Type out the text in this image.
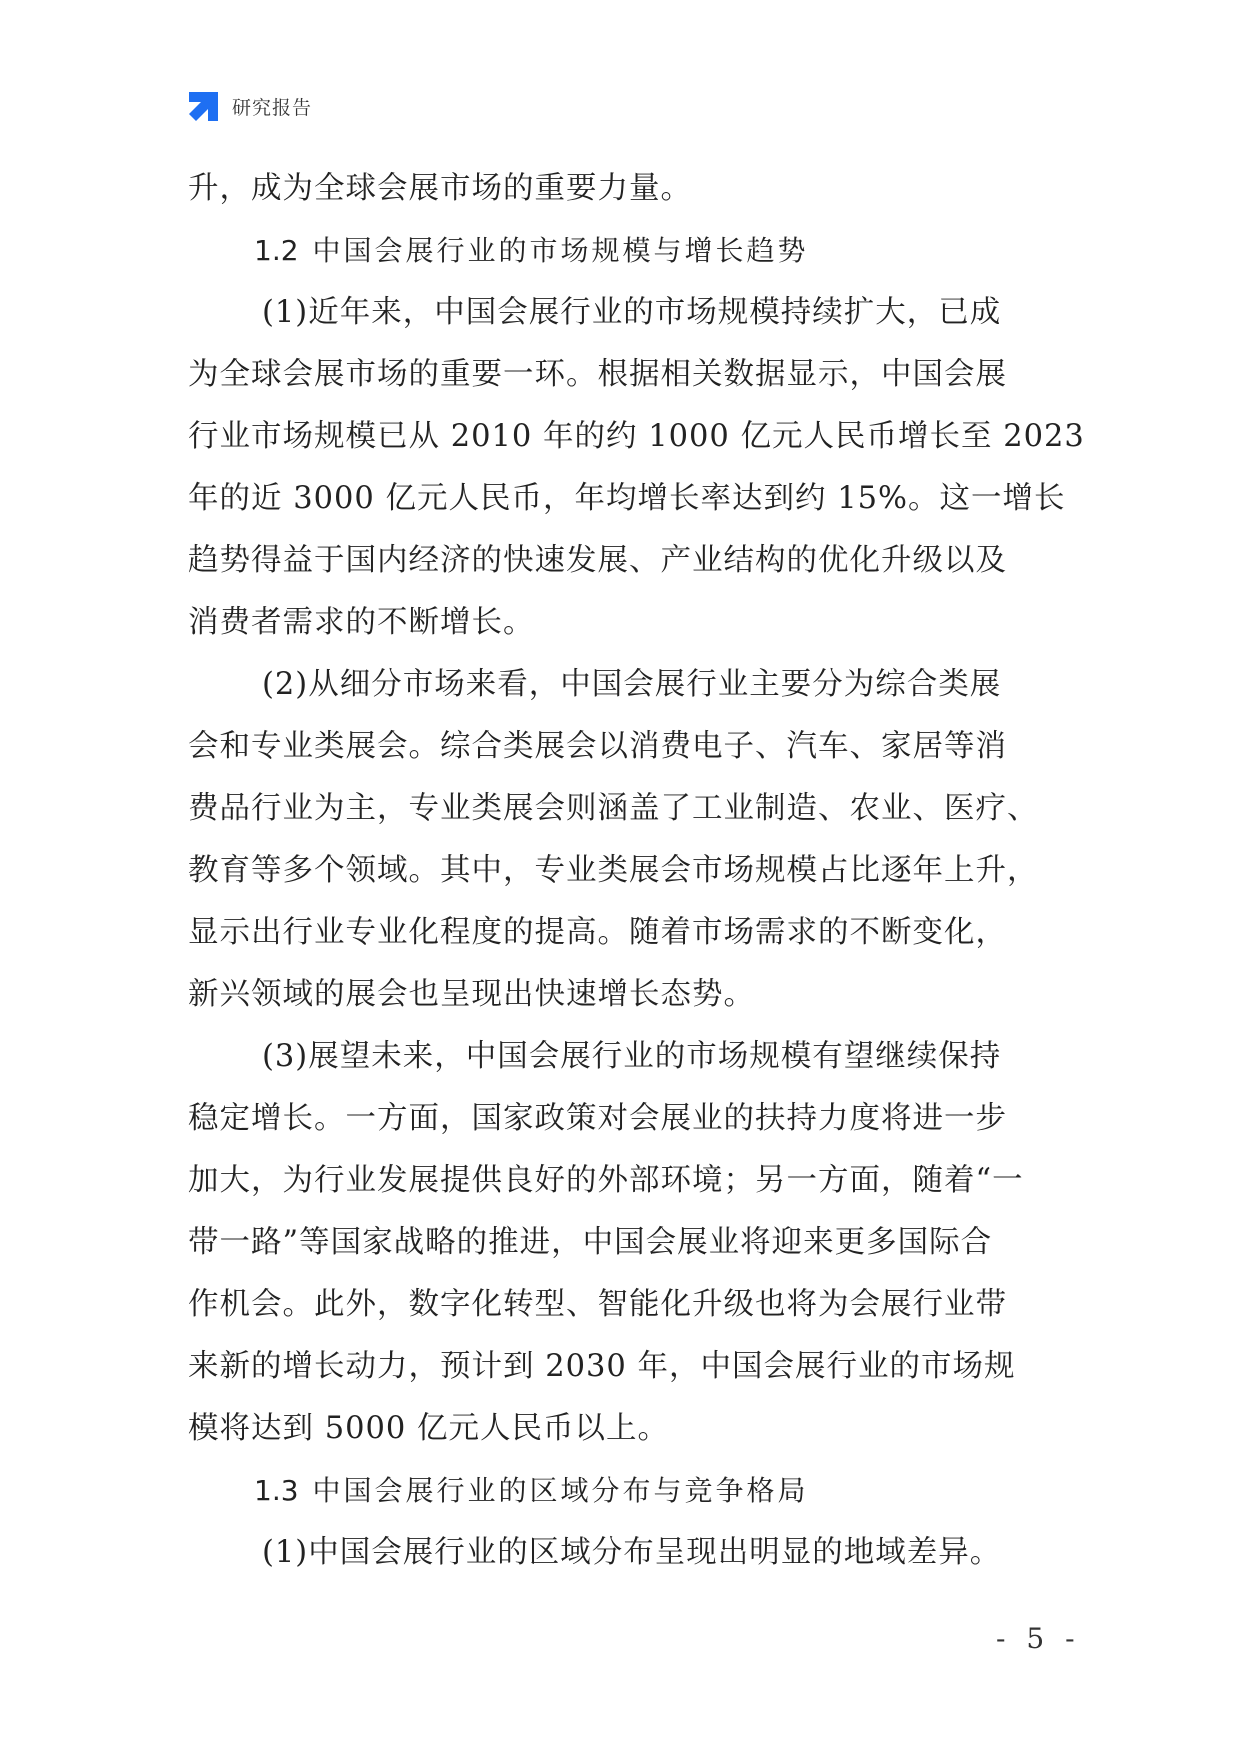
研究报告
升，成为全球会展市场的重要力量。
1.2 中国会展行业的市场规模与增长趋势
(1)近年来，中国会展行业的市场规模持续扩大，已成
为全球会展市场的重要一环。根据相关数据显示，中国会展
行业市场规模已从 2010 年的约 1000 亿元人民币增长至 2023
年的近 3000 亿元人民币，年均增长率达到约 15%。这一增长
趋势得益于国内经济的快速发展、产业结构的优化升级以及
消费者需求的不断增长。
(2)从细分市场来看，中国会展行业主要分为综合类展
会和专业类展会。综合类展会以消费电子、汽车、家居等消
费品行业为主，专业类展会则涵盖了工业制造、农业、医疗、
教育等多个领域。其中，专业类展会市场规模占比逐年上升，
显示出行业专业化程度的提高。随着市场需求的不断变化，
新兴领域的展会也呈现出快速增长态势。
(3)展望未来，中国会展行业的市场规模有望继续保持
稳定增长。一方面，国家政策对会展业的扶持力度将进一步
加大，为行业发展提供良好的外部环境；另一方面，随着“一
带一路”等国家战略的推进，中国会展业将迎来更多国际合
作机会。此外，数字化转型、智能化升级也将为会展行业带
来新的增长动力，预计到 2030 年，中国会展行业的市场规
模将达到 5000 亿元人民币以上。
1.3 中国会展行业的区域分布与竞争格局
(1)中国会展行业的区域分布呈现出明显的地域差异。
- 5 -
